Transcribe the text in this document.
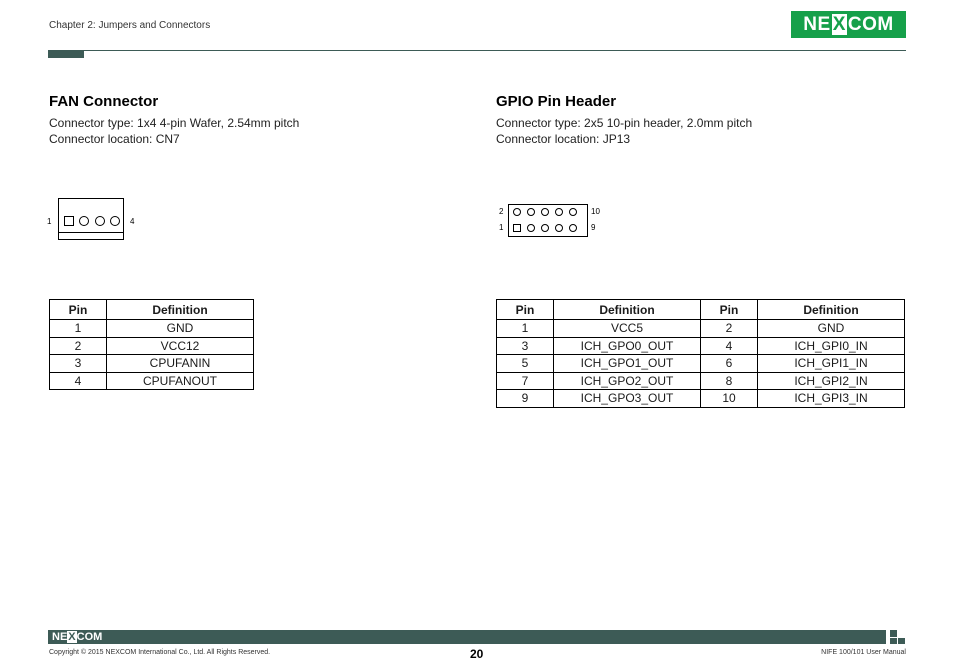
Chapter 2: Jumpers and Connectors	NE X COM
FAN Connector
Connector type: 1x4 4-pin Wafer, 2.54mm pitch
Connector location: CN7
1	4
Pin	Definition
1	GND
2	VCC12
3	CPUFANIN
4	CPUFANOUT
GPIO Pin Header
Connector type: 2x5 10-pin header, 2.0mm pitch
Connector location: JP13
2	10
1	9
Pin	Definition	Pin	Definition
1	VCC5	2	GND
3	ICH_GPO0_OUT	4	ICH_GPI0_IN
5	ICH_GPO1_OUT	6	ICH_GPI1_IN
7	ICH_GPO2_OUT	8	ICH_GPI2_IN
9	ICH_GPO3_OUT	10	ICH_GPI3_IN
NEXCOM
Copyright © 2015 NEXCOM International Co., Ltd. All Rights Reserved.	20	NIFE 100/101 User Manual
